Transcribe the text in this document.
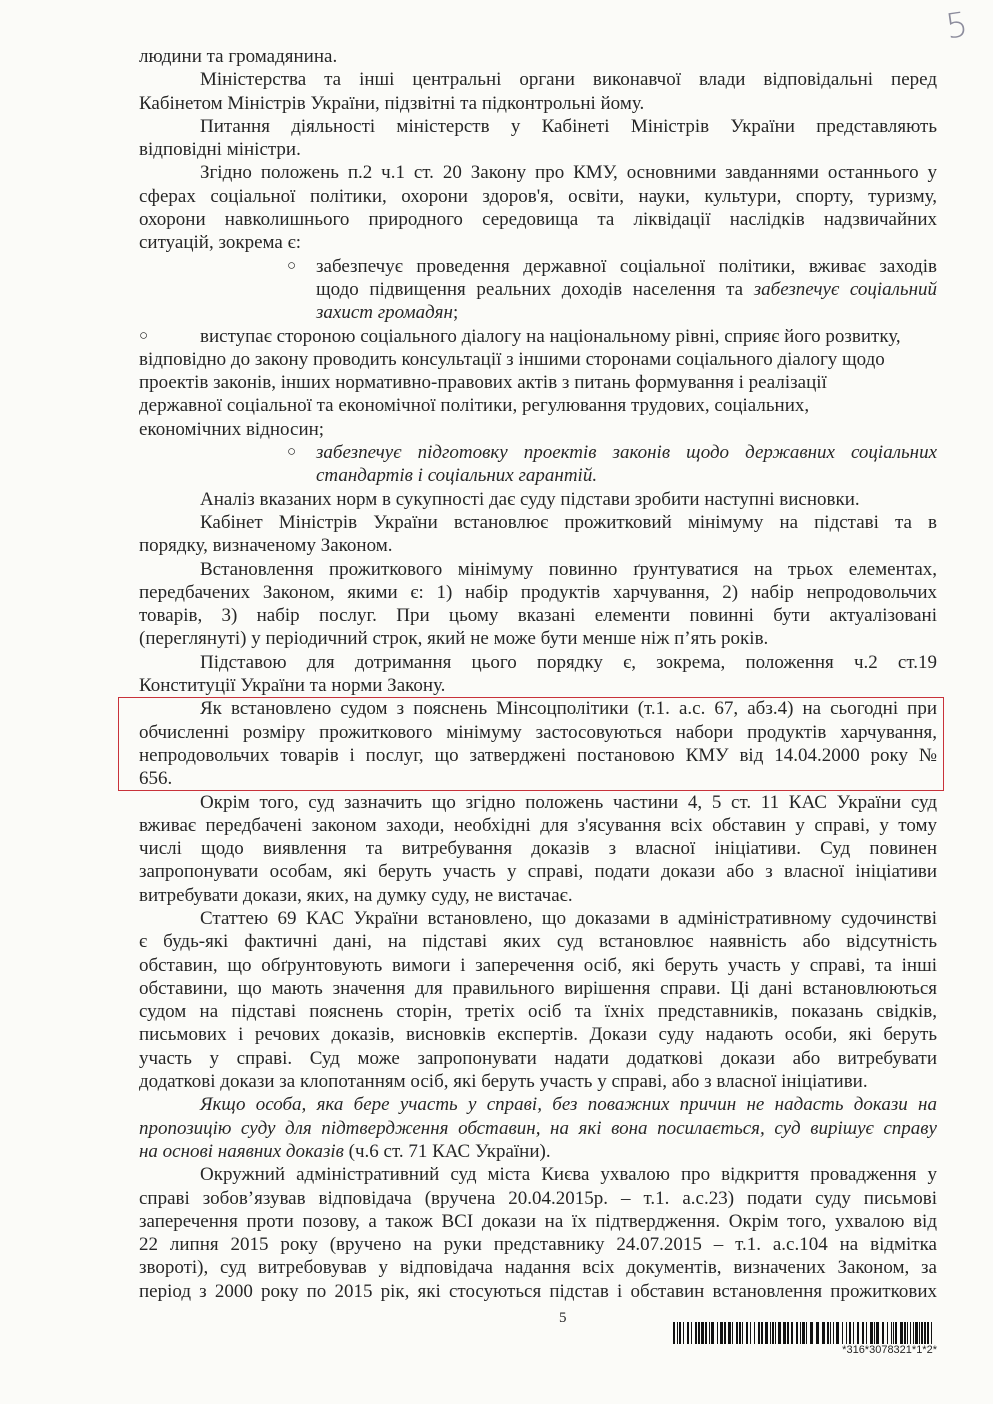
5
людини та громадянина.
Міністерства та інші центральні органи виконавчої влади відповідальні перед
Кабінетом Міністрів України, підзвітні та підконтрольні йому.
Питання діяльності міністерств у Кабінеті Міністрів України представляють
відповідні міністри.
Згідно положень п.2 ч.1 ст. 20 Закону про КМУ, основними завданнями останнього у
сферах соціальної політики, охорони здоров'я, освіти, науки, культури, спорту, туризму,
охорони навколишнього природного середовища та ліквідації наслідків надзвичайних
ситуацій, зокрема є:
○ забезпечує проведення державної соціальної політики, вживає заходів
щодо підвищення реальних доходів населення та забезпечує соціальний
захист громадян;
○	виступає стороною соціального діалогу на національному рівні, сприяє його розвитку,
відповідно до закону проводить консультації з іншими сторонами соціального діалогу щодо
проектів законів, інших нормативно-правових актів з питань формування і реалізації
державної соціальної та економічної політики, регулювання трудових, соціальних,
економічних відносин;
○ забезпечує підготовку проектів законів щодо державних соціальних
стандартів і соціальних гарантій.
Аналіз вказаних норм в сукупності дає суду підстави зробити наступні висновки.
Кабінет Міністрів України встановлює прожитковий мінімуму на підставі та в
порядку, визначеному Законом.
Встановлення прожиткового мінімуму повинно ґрунтуватися на трьох елементах,
передбачених Законом, якими є: 1) набір продуктів харчування, 2) набір непродовольчих
товарів, 3) набір послуг. При цьому вказані елементи повинні бути актуалізовані
(переглянуті) у періодичний строк, який не може бути менше ніж п’ять років.
Підставою для дотримання цього порядку є, зокрема, положення ч.2 ст.19
Конституції України та норми Закону.
Як встановлено судом з пояснень Мінсоцполітики (т.1. а.с. 67, абз.4) на сьогодні при
обчисленні розміру прожиткового мінімуму застосовуються набори продуктів харчування,
непродовольчих товарів і послуг, що затверджені постановою КМУ від 14.04.2000 року №
656.
Окрім того, суд зазначить що згідно положень частини 4, 5 ст. 11 КАС України суд
вживає передбачені законом заходи, необхідні для з'ясування всіх обставин у справі, у тому
числі щодо виявлення та витребування доказів з власної ініціативи. Суд повинен
запропонувати особам, які беруть участь у справі, подати докази або з власної ініціативи
витребувати докази, яких, на думку суду, не вистачає.
Статтею 69 КАС України встановлено, що доказами в адміністративному судочинстві
є будь-які фактичні дані, на підставі яких суд встановлює наявність або відсутність
обставин, що обґрунтовують вимоги і заперечення осіб, які беруть участь у справі, та інші
обставини, що мають значення для правильного вирішення справи. Ці дані встановлюються
судом на підставі пояснень сторін, третіх осіб та їхніх представників, показань свідків,
письмових і речових доказів, висновків експертів. Докази суду надають особи, які беруть
участь у справі. Суд може запропонувати надати додаткові докази або витребувати
додаткові докази за клопотанням осіб, які беруть участь у справі, або з власної ініціативи.
Якщо особа, яка бере участь у справі, без поважних причин не надасть докази на
пропозицію суду для підтвердження обставин, на які вона посилається, суд вирішує справу
на основі наявних доказів (ч.6 ст. 71 КАС України).
Окружний адміністративний суд міста Києва ухвалою про відкриття провадження у
справі зобов’язував відповідача (вручена 20.04.2015р. – т.1. а.с.23) подати суду письмові
заперечення проти позову, а також ВСІ докази на їх підтвердження. Окрім того, ухвалою від
22 липня 2015 року (вручено на руки представнику 24.07.2015 – т.1. а.с.104 на відмітка
звороті), суд витребовував у відповідача надання всіх документів, визначених Законом, за
період з 2000 року по 2015 рік, які стосуються підстав і обставин встановлення прожиткових
5
*316*3078321*1*2*
